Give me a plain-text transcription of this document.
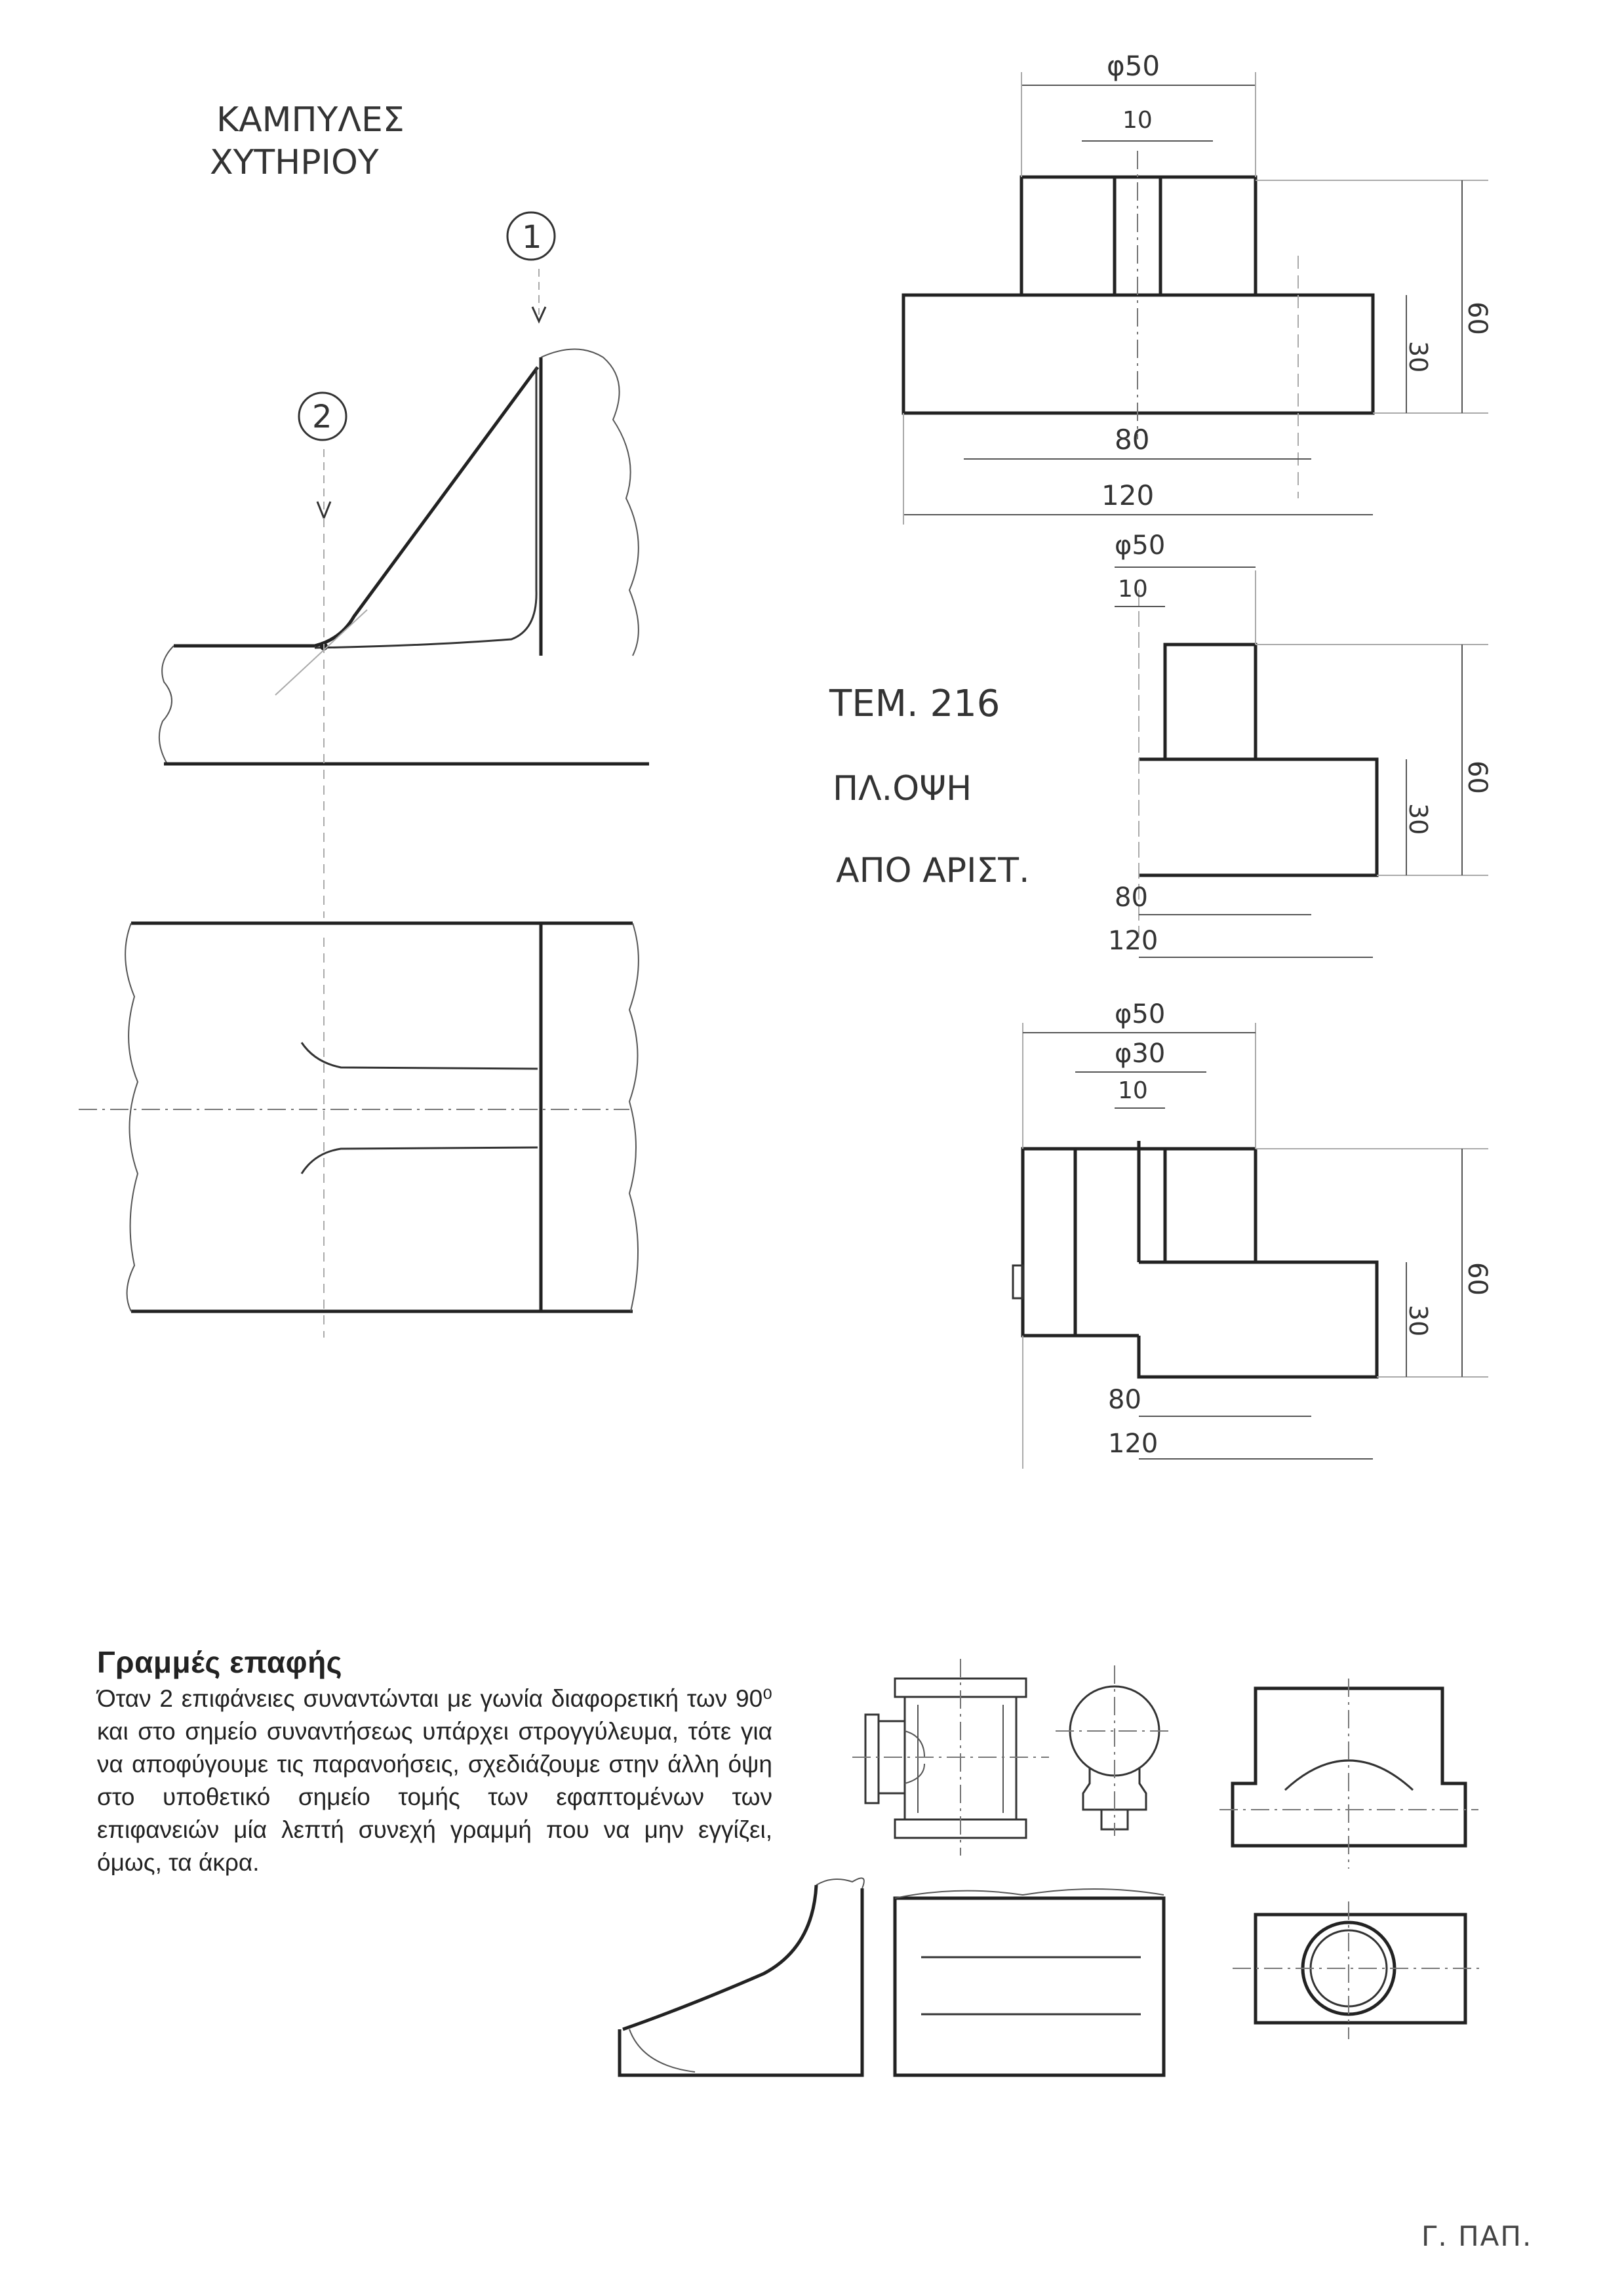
ΚΑΜΠΥΛΕΣ
ΧΥΤΗΡΙΟΥ
1
2
φ50
10
60
30
80
120
ΤΕΜ. 216
ΠΛ.ΟΨΗ
ΑΠΟ ΑΡΙΣΤ.
φ50
10
60
30
80
120
φ50
φ30
10
60
30
80
120
Γραμμές επαφής

Όταν 2 επιφάνειες συναντώνται με γωνία διαφορετική των 90⁰ και στο σημείο συναντήσεως υπάρχει στρογγύλευμα, τότε για να αποφύγουμε τις παρανοήσεις, σχεδιάζουμε στην άλλη όψη στο υποθετικό σημείο τομής των εφαπτομένων των επιφανειών μία λεπτή συνεχή γραμμή που να μην εγγίζει, όμως, τα άκρα.

Γ. ΠΑΠ.
